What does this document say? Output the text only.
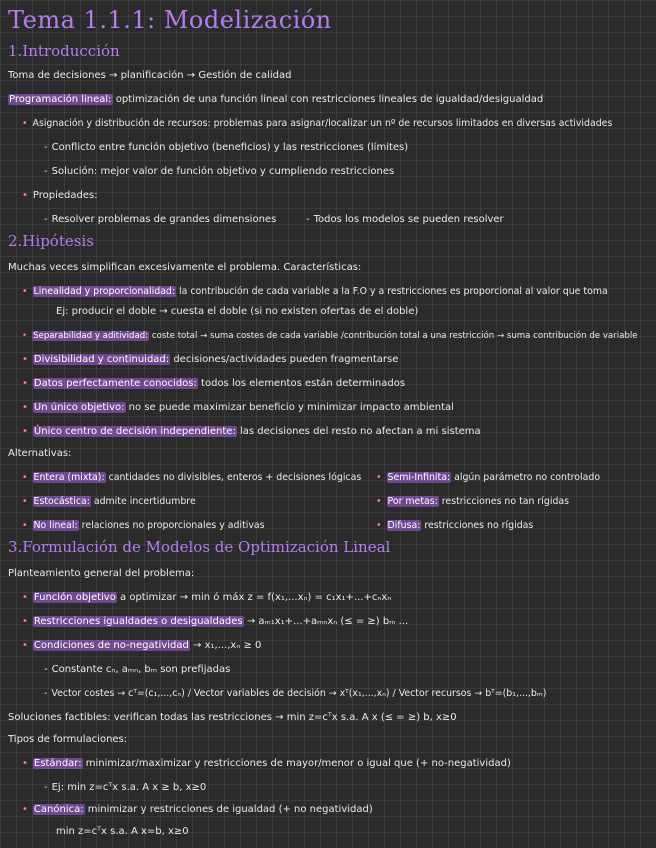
Tema 1.1.1: Modelización
1.Introducción
Toma de decisiones → planificación → Gestión de calidad
Programación lineal: optimización de una función lineal con restricciones lineales de igualdad/desigualdad
• Asignación y distribución de recursos: problemas para asignar/localizar un nº de recursos limitados en diversas actividades
- Conflicto entre función objetivo (beneficios) y las restricciones (límites)
- Solución: mejor valor de función objetivo y cumpliendo restricciones
• Propiedades:
- Resolver problemas de grandes dimensiones	- Todos los modelos se pueden resolver
2.Hipótesis
Muchas veces simplifican excesivamente el problema. Características:
• Linealidad y proporcionalidad: la contribución de cada variable a la F.O y a restricciones es proporcional al valor que toma
Ej: producir el doble → cuesta el doble (si no existen ofertas de el doble)
• Separabilidad y aditividad: coste total → suma costes de cada variable /contribución total a una restricción → suma contribución de variable
• Divisibilidad y continuidad: decisiones/actividades pueden fragmentarse
• Datos perfectamente conocidos: todos los elementos están determinados
• Un único objetivo: no se puede maximizar beneficio y minimizar impacto ambiental
• Único centro de decisión independiente: las decisiones del resto no afectan a mi sistema
Alternativas:
• Entera (mixta): cantidades no divisibles, enteros + decisiones lógicas
• Estocástica: admite incertidumbre
• No lineal: relaciones no proporcionales y aditivas
• Semi-Infinita: algún parámetro no controlado
• Por metas: restricciones no tan rígidas
• Difusa: restricciones no rígidas
3.Formulación de Modelos de Optimización Lineal
Planteamiento general del problema:
• Función objetivo a optimizar → min ó máx z = f(x₁,...xₙ) = c₁x₁+...+cₙxₙ
• Restricciones igualdades o desigualdades → aₘ₁x₁+...+aₘₙxₙ (≤ = ≥) bₘ ...
• Condiciones de no-negatividad → x₁,...,xₙ ≥ 0
- Constante cₙ, aₘₙ, bₘ son prefijadas
- Vector costes → cᵀ=(c₁,...,cₙ) / Vector variables de decisión → xᵀ(x₁,...,xₙ) / Vector recursos → bᵀ=(b₁,...,bₘ)
Soluciones factibles: verifican todas las restricciones → min z=cᵀx s.a. A x (≤ = ≥) b, x≥0
Tipos de formulaciones:
• Estándar: minimizar/maximizar y restricciones de mayor/menor o igual que (+ no-negatividad)
- Ej: min z=cᵀx s.a. A x ≥ b, x≥0
• Canónica: minimizar y restricciones de igualdad (+ no negatividad)
min z=cᵀx s.a. A x=b, x≥0
